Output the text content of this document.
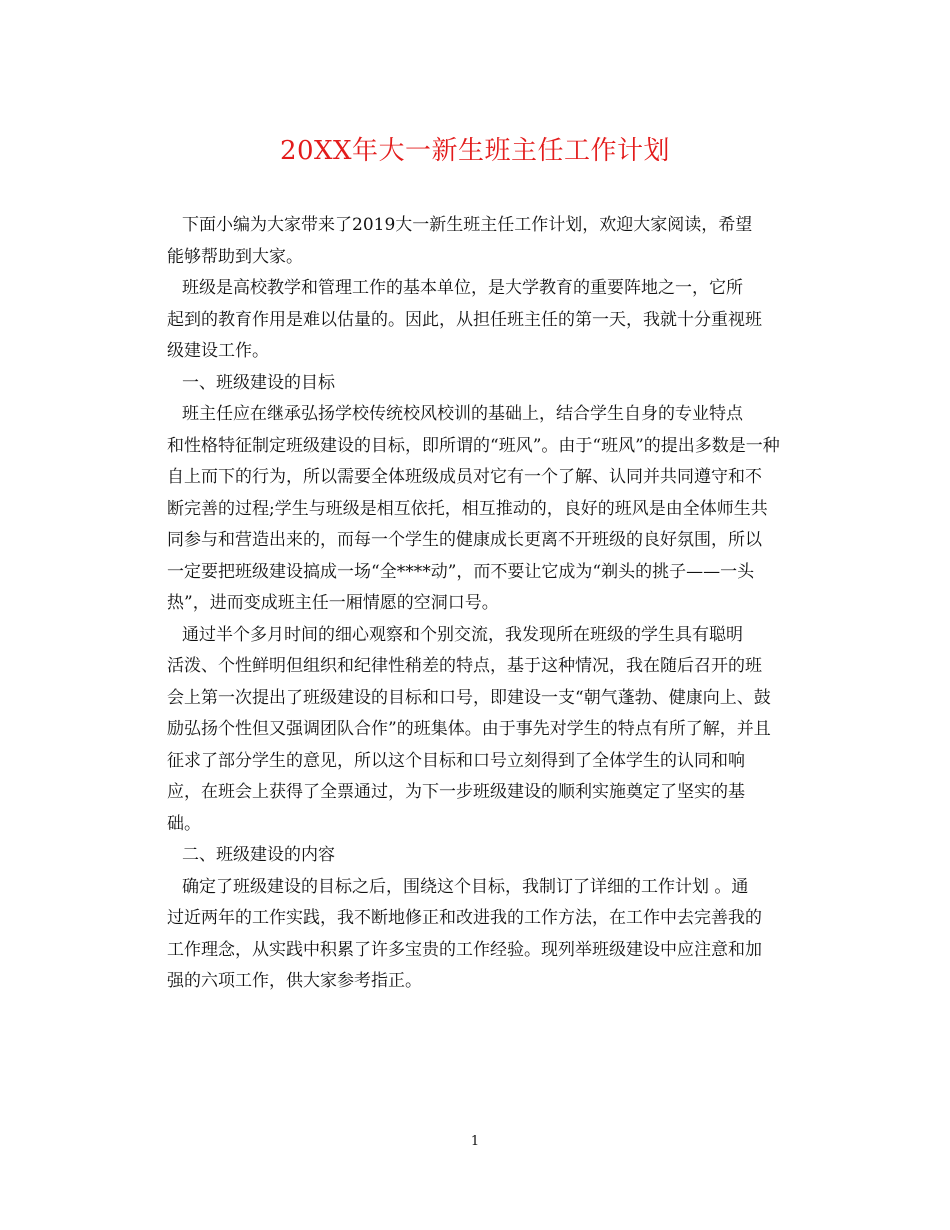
20XX年大一新生班主任工作计划
下面小编为大家带来了2019大一新生班主任工作计划，欢迎大家阅读，希望
能够帮助到大家。
班级是高校教学和管理工作的基本单位，是大学教育的重要阵地之一，它所
起到的教育作用是难以估量的。因此，从担任班主任的第一天，我就十分重视班
级建设工作。
一、班级建设的目标
班主任应在继承弘扬学校传统校风校训的基础上，结合学生自身的专业特点
和性格特征制定班级建设的目标，即所谓的“班风”。由于“班风”的提出多数是一种
自上而下的行为，所以需要全体班级成员对它有一个了解、认同并共同遵守和不
断完善的过程;学生与班级是相互依托，相互推动的，良好的班风是由全体师生共
同参与和营造出来的，而每一个学生的健康成长更离不开班级的良好氛围，所以
一定要把班级建设搞成一场“全****动”，而不要让它成为“剃头的挑子——一头
热”，进而变成班主任一厢情愿的空洞口号。
通过半个多月时间的细心观察和个别交流，我发现所在班级的学生具有聪明
活泼、个性鲜明但组织和纪律性稍差的特点，基于这种情况，我在随后召开的班
会上第一次提出了班级建设的目标和口号，即建设一支“朝气蓬勃、健康向上、鼓
励弘扬个性但又强调团队合作”的班集体。由于事先对学生的特点有所了解，并且
征求了部分学生的意见，所以这个目标和口号立刻得到了全体学生的认同和响
应，在班会上获得了全票通过，为下一步班级建设的顺利实施奠定了坚实的基
础。
二、班级建设的内容
确定了班级建设的目标之后，围绕这个目标，我制订了详细的工作计划 。通
过近两年的工作实践，我不断地修正和改进我的工作方法，在工作中去完善我的
工作理念，从实践中积累了许多宝贵的工作经验。现列举班级建设中应注意和加
强的六项工作，供大家参考指正。
1
